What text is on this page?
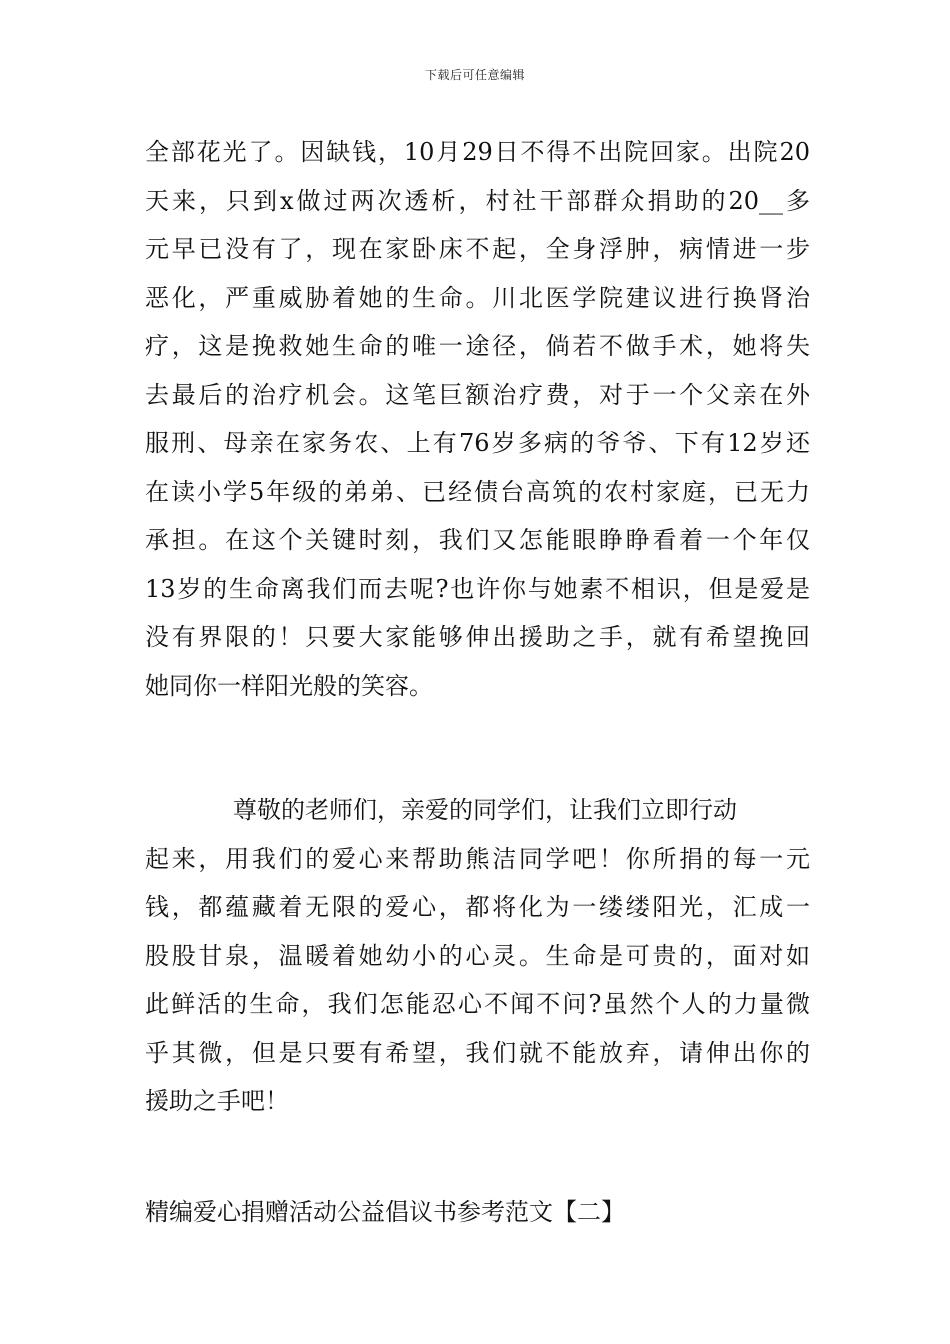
下载后可任意编辑
全部花光了。因缺钱，10月29日不得不出院回家。出院20
天来，只到x做过两次透析，村社干部群众捐助的20__多
元早已没有了，现在家卧床不起，全身浮肿，病情进一步
恶化，严重威胁着她的生命。川北医学院建议进行换肾治
疗，这是挽救她生命的唯一途径，倘若不做手术，她将失
去最后的治疗机会。这笔巨额治疗费，对于一个父亲在外
服刑、母亲在家务农、上有76岁多病的爷爷、下有12岁还
在读小学5年级的弟弟、已经债台高筑的农村家庭，已无力
承担。在这个关键时刻，我们又怎能眼睁睁看着一个年仅
13岁的生命离我们而去呢?也许你与她素不相识，但是爱是
没有界限的！只要大家能够伸出援助之手，就有希望挽回
她同你一样阳光般的笑容。
尊敬的老师们，亲爱的同学们，让我们立即行动
起来，用我们的爱心来帮助熊洁同学吧！你所捐的每一元
钱，都蕴藏着无限的爱心，都将化为一缕缕阳光，汇成一
股股甘泉，温暖着她幼小的心灵。生命是可贵的，面对如
此鲜活的生命，我们怎能忍心不闻不问?虽然个人的力量微
乎其微，但是只要有希望，我们就不能放弃，请伸出你的
援助之手吧！
精编爱心捐赠活动公益倡议书参考范文【二】
